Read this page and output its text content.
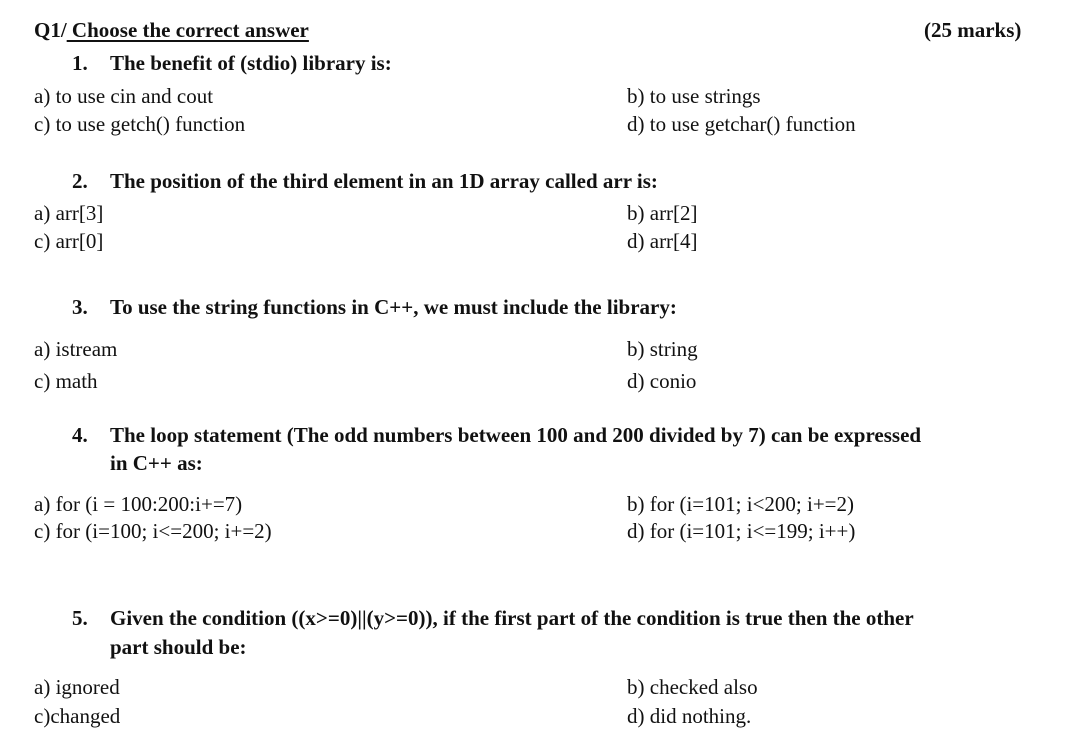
Q1/ Choose the correct answer	(25 marks)
1. The benefit of (stdio) library is:
a) to use cin and cout	b) to use strings
c) to use getch() function	d) to use getchar() function
2. The position of the third element in an 1D array called arr is:
a) arr[3]	b) arr[2]
c) arr[0]	d) arr[4]
3. To use the string functions in C++, we must include the library:
a) istream	b) string
c) math	d) conio
4. The loop statement (The odd numbers between 100 and 200 divided by 7) can be expressed
in C++ as:
a) for (i = 100:200:i+=7)	b) for (i=101; i<200; i+=2)
c) for (i=100; i<=200; i+=2)	d) for (i=101; i<=199; i++)
5. Given the condition ((x>=0)||(y>=0)), if the first part of the condition is true then the other
part should be:
a) ignored	b) checked also
c)changed	d) did nothing.
